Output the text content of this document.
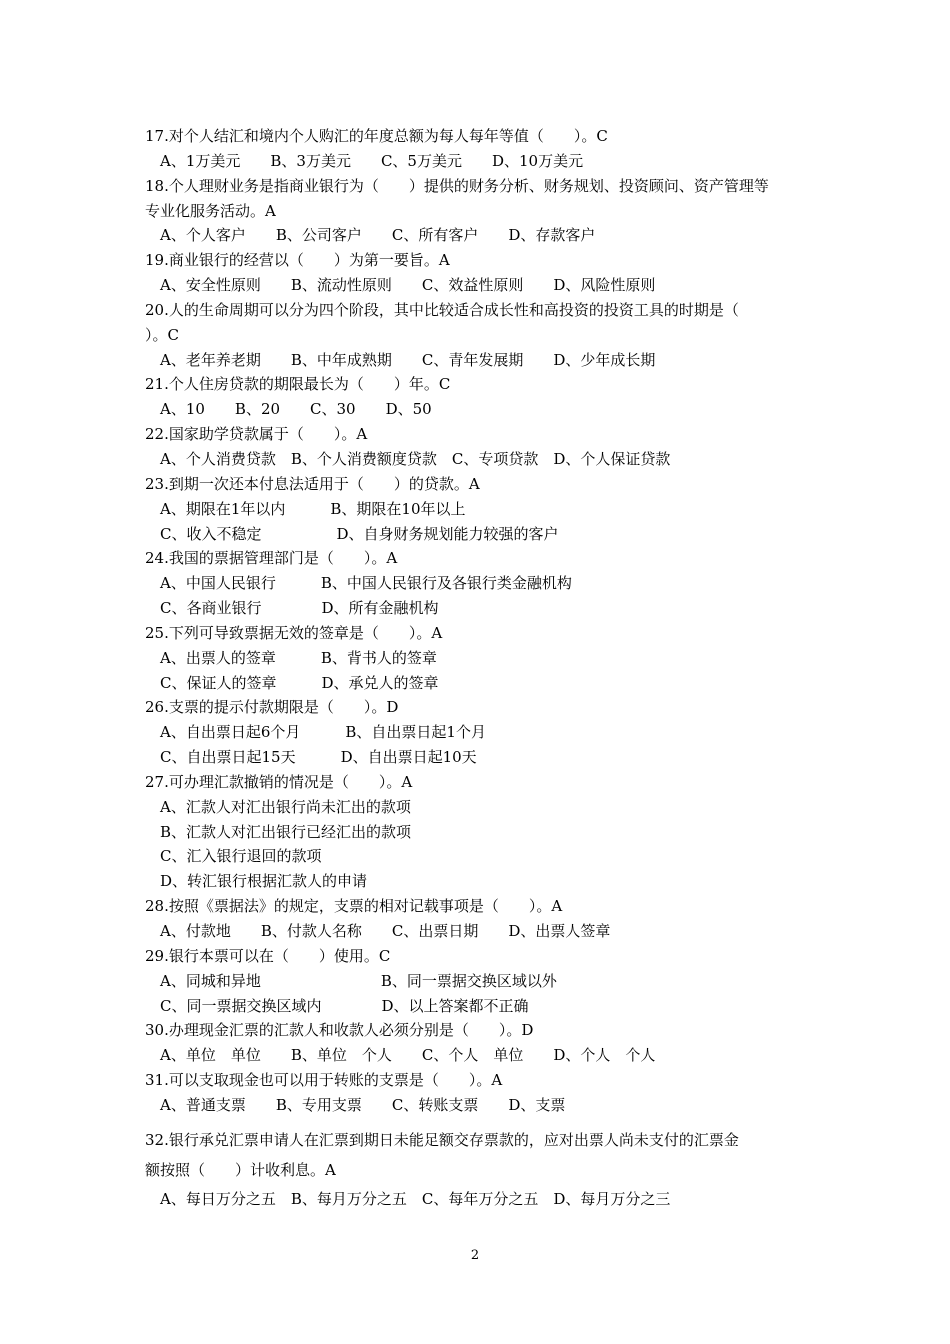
17.对个人结汇和境内个人购汇的年度总额为每人每年等值（　　）。C
A、1万美元　　B、3万美元　　C、5万美元　　D、10万美元
18.个人理财业务是指商业银行为（　　）提供的财务分析、财务规划、投资顾问、资产管理等
专业化服务活动。A
A、个人客户　　B、公司客户　　C、所有客户　　D、存款客户
19.商业银行的经营以（　　）为第一要旨。A
A、安全性原则　　B、流动性原则　　C、效益性原则　　D、风险性原则
20.人的生命周期可以分为四个阶段，其中比较适合成长性和高投资的投资工具的时期是（
）。C
A、老年养老期　　B、中年成熟期　　C、青年发展期　　D、少年成长期
21.个人住房贷款的期限最长为（　　）年。C
A、10　　B、20　　C、30　　D、50
22.国家助学贷款属于（　　）。A
A、个人消费贷款　B、个人消费额度贷款　C、专项贷款　D、个人保证贷款
23.到期一次还本付息法适用于（　　）的贷款。A
A、期限在1年以内　　　B、期限在10年以上
C、收入不稳定　　　　　D、自身财务规划能力较强的客户
24.我国的票据管理部门是（　　）。A
A、中国人民银行　　　B、中国人民银行及各银行类金融机构
C、各商业银行　　　　D、所有金融机构
25.下列可导致票据无效的签章是（　　）。A
A、出票人的签章　　　B、背书人的签章
C、保证人的签章　　　D、承兑人的签章
26.支票的提示付款期限是（　　）。D
A、自出票日起6个月　　　B、自出票日起1个月
C、自出票日起15天　　　D、自出票日起10天
27.可办理汇款撤销的情况是（　　）。A
A、汇款人对汇出银行尚未汇出的款项
B、汇款人对汇出银行已经汇出的款项
C、汇入银行退回的款项
D、转汇银行根据汇款人的申请
28.按照《票据法》的规定，支票的相对记载事项是（　　）。A
A、付款地　　B、付款人名称　　C、出票日期　　D、出票人签章
29.银行本票可以在（　　）使用。C
A、同城和异地　　　　　　　　B、同一票据交换区域以外
C、同一票据交换区域内　　　　D、以上答案都不正确
30.办理现金汇票的汇款人和收款人必须分别是（　　）。D
A、单位　单位　　B、单位　个人　　C、个人　单位　　D、个人　个人
31.可以支取现金也可以用于转账的支票是（　　）。A
A、普通支票　　B、专用支票　　C、转账支票　　D、支票
32.银行承兑汇票申请人在汇票到期日未能足额交存票款的，应对出票人尚未支付的汇票金
额按照（　　）计收利息。A
A、每日万分之五　B、每月万分之五　C、每年万分之五　D、每月万分之三
2
